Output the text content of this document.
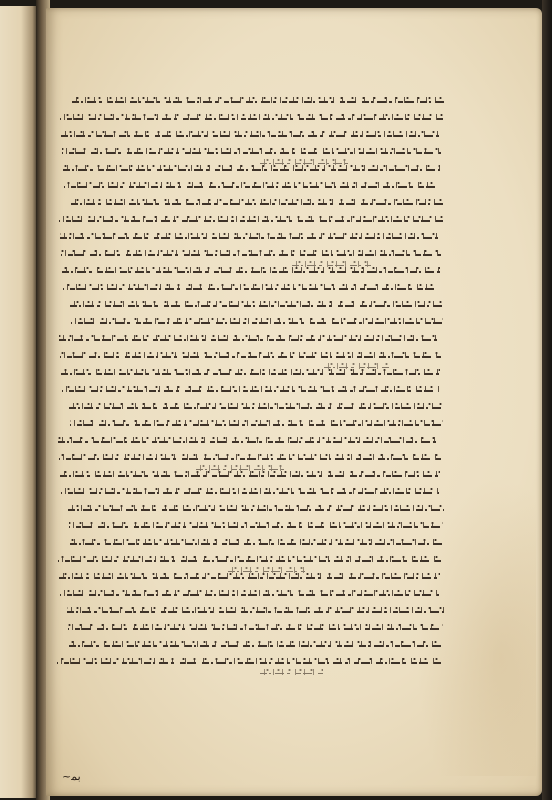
~ﺑﻤ
